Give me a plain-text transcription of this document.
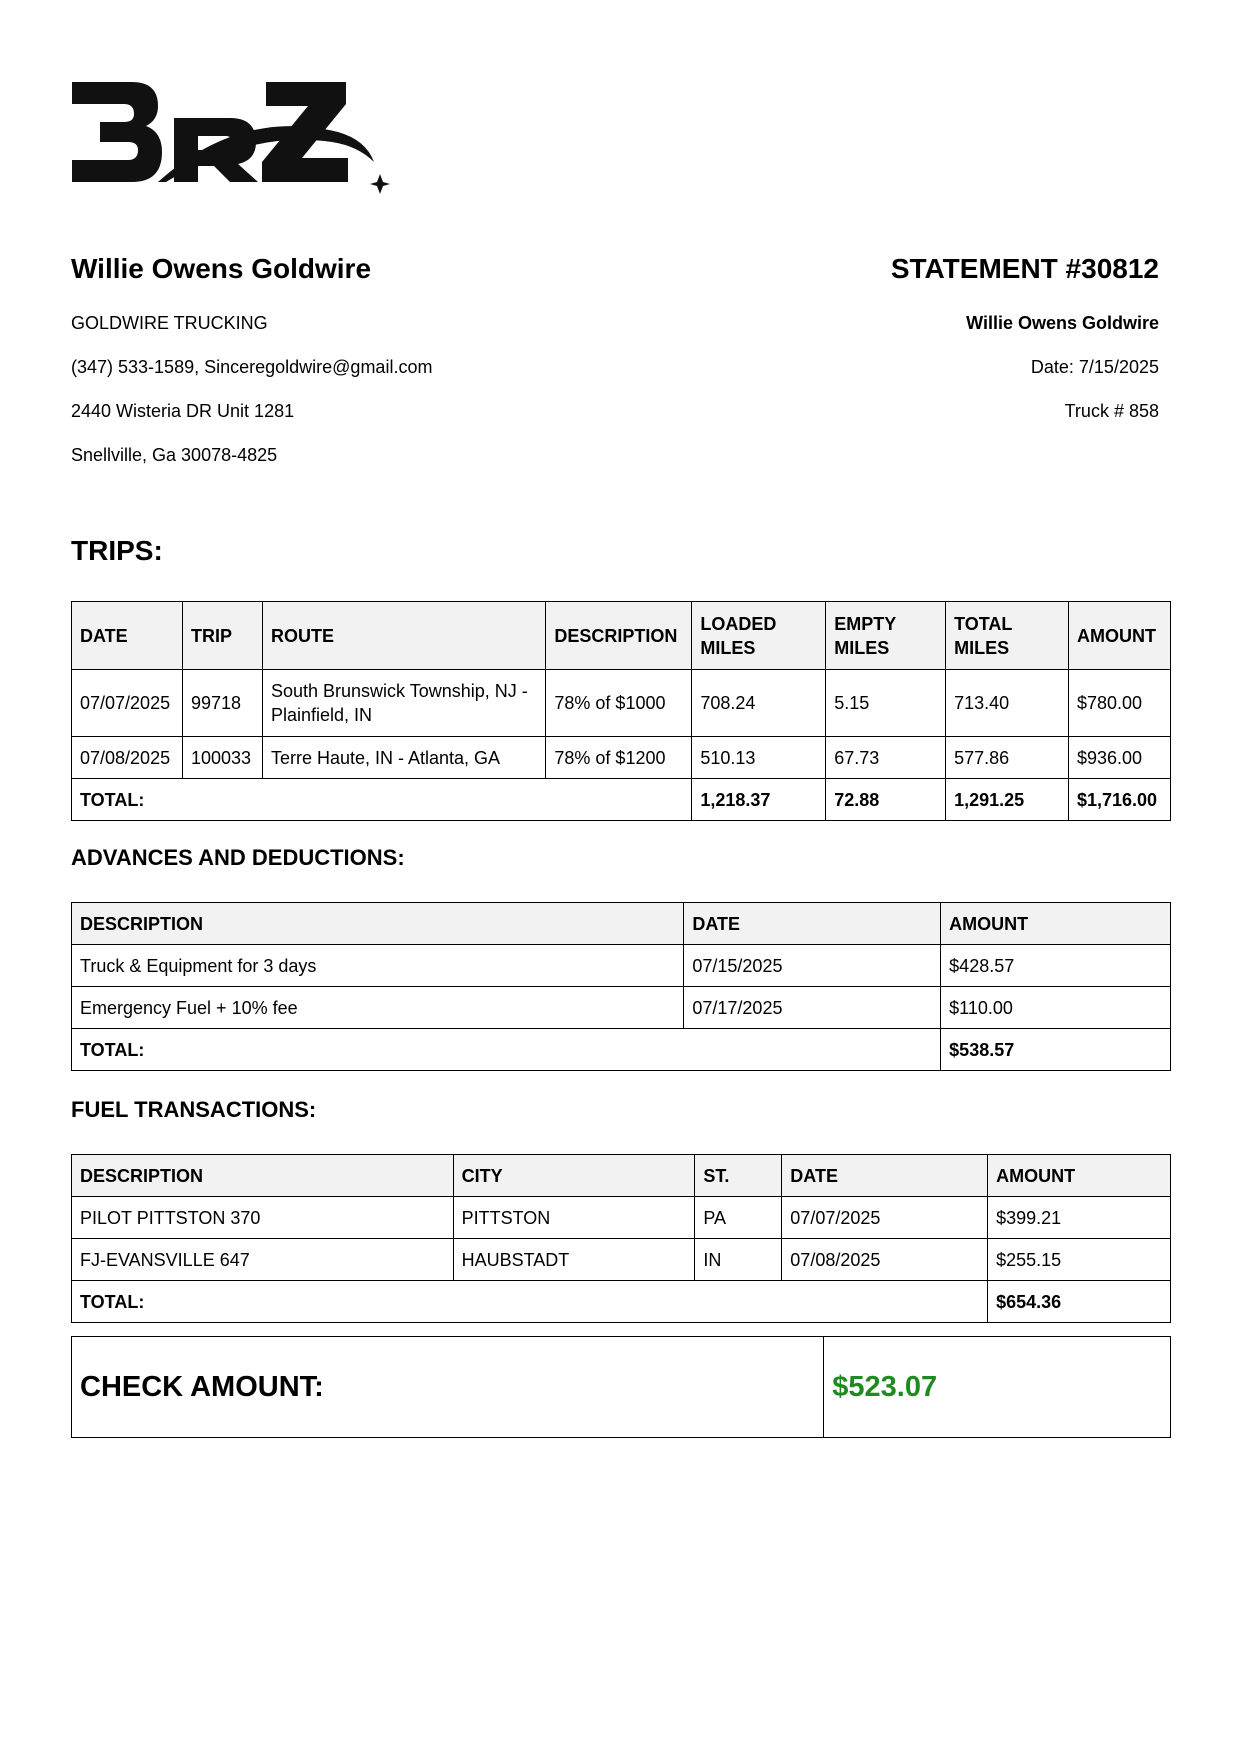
Willie Owens Goldwire
GOLDWIRE TRUCKING
(347) 533-1589, Sinceregoldwire@gmail.com
2440 Wisteria DR Unit 1281
Snellville, Ga 30078-4825
STATEMENT #30812
Willie Owens Goldwire
Date: 7/15/2025
Truck # 858
TRIPS:
DATE	TRIP	ROUTE	DESCRIPTION	LOADED MILES	EMPTY MILES	TOTAL MILES	AMOUNT
07/07/2025	99718	South Brunswick Township, NJ - Plainfield, IN	78% of $1000	708.24	5.15	713.40	$780.00
07/08/2025	100033	Terre Haute, IN - Atlanta, GA	78% of $1200	510.13	67.73	577.86	$936.00
TOTAL:				1,218.37	72.88	1,291.25	$1,716.00
ADVANCES AND DEDUCTIONS:
DESCRIPTION	DATE	AMOUNT
Truck & Equipment for 3 days	07/15/2025	$428.57
Emergency Fuel + 10% fee	07/17/2025	$110.00
TOTAL:		$538.57
FUEL TRANSACTIONS:
DESCRIPTION	CITY	ST.	DATE	AMOUNT
PILOT PITTSTON 370	PITTSTON	PA	07/07/2025	$399.21
FJ-EVANSVILLE 647	HAUBSTADT	IN	07/08/2025	$255.15
TOTAL:				$654.36
CHECK AMOUNT:	$523.07
